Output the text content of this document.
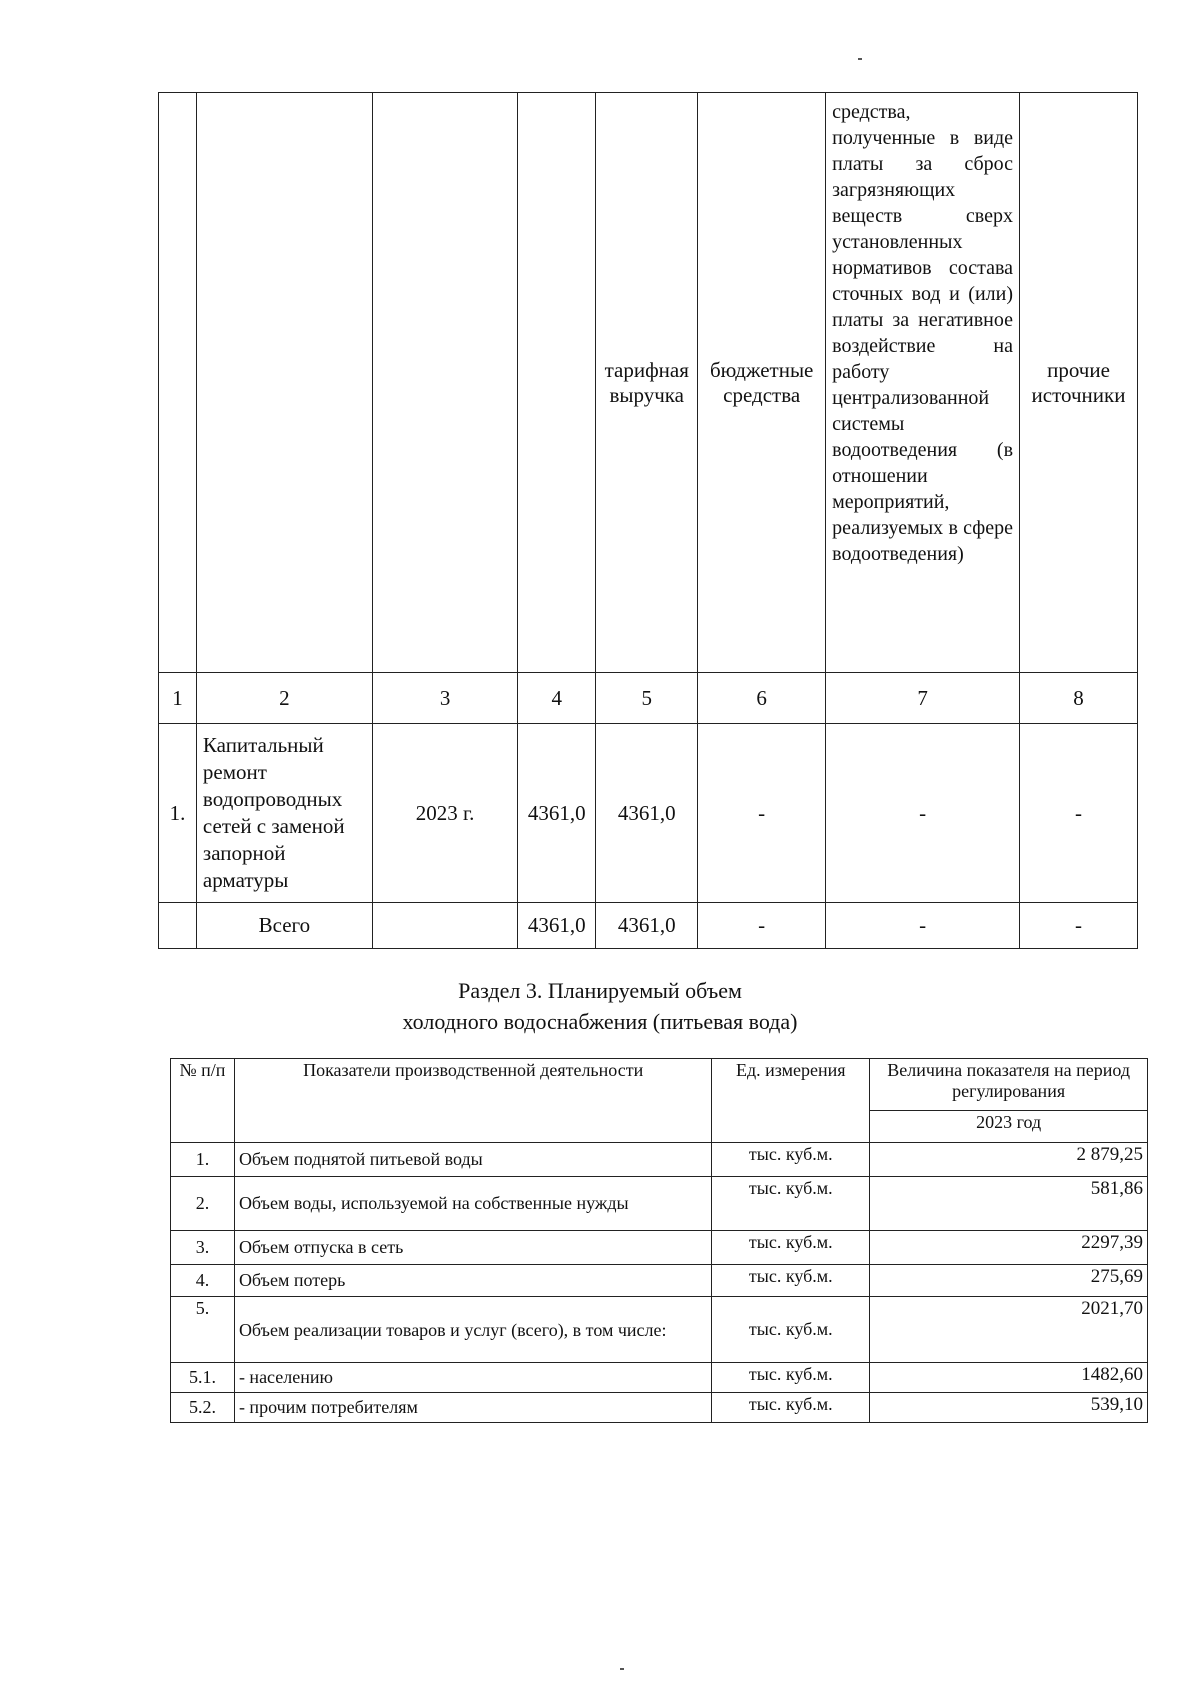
				тарифная выручка	бюджетные средства	средства, полученные в виде платы за сброс загрязняющих веществ сверх установленных нормативов состава сточных вод и (или) платы за негативное воздействие на работу централизованной системы водоотведения (в отношении мероприятий, реализуемых в сфере водоотведения)	прочие источники
1	2	3	4	5	6	7	8
1.	Капитальный ремонт водопроводных сетей с заменой запорной арматуры	2023 г.	4361,0	4361,0	-	-	-
	Всего		4361,0	4361,0	-	-	-
Раздел 3. Планируемый объем
холодного водоснабжения (питьевая вода)
№ п/п	Показатели производственной деятельности	Ед. измерения	Величина показателя на период регулирования
			2023 год
1.	Объем поднятой питьевой воды	тыс. куб.м.	2 879,25
2.	Объем воды, используемой на собственные нужды	тыс. куб.м.	581,86
3.	Объем отпуска в сеть	тыс. куб.м.	2297,39
4.	Объем потерь	тыс. куб.м.	275,69
5.	Объем реализации товаров и услуг (всего), в том числе:	тыс. куб.м.	2021,70
5.1.	- населению	тыс. куб.м.	1482,60
5.2.	- прочим потребителям	тыс. куб.м.	539,10
